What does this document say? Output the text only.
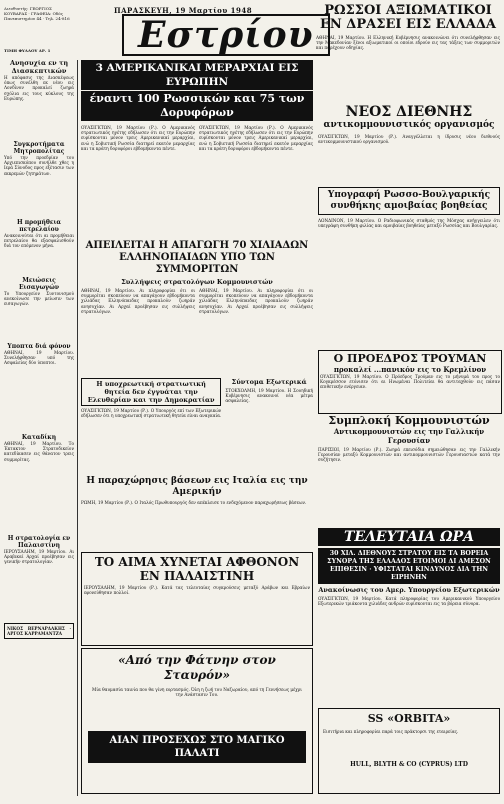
Διευθυντής: ΓΕΩΡΓΙΟΣ ΚΟΥΒΑΡΑΣ · ΓΡΑΦΕΙΑ: Οδός Πανεπιστημίου 44 · Τηλ. 24-816
ΠΑΡΑΣΚΕΥΗ, 19 Μαρτίου 1948
Εστρίου
ΤΙΜΗ ΦΥΛΛΟΥ ΔΡ. 1
ΡΩΣΣΟΙ ΑΞΙΩΜΑΤΙΚΟΙ ΕΝ ΔΡΑΣΕΙ ΕΙΣ ΕΛΛΑΔΑ
ΑΘΗΝΑΙ, 19 Μαρτίου. Η Ελληνική Κυβέρνησις ανακοινώνει ότι συνελήφθησαν εις την Μακεδονίαν ξένοι αξιωματικοί οι οποίοι εδρούν εις τας τάξεις των συμμοριτών και παρέχουν οδηγίας.
Ανησυχία εν τη Διασκεπτικών
Η απόφασις της Διασκέψεως όπως συνέλθη εκ νέου εις Λονδίνον προκαλεί ζωηρά σχόλια εις τους κύκλους της Ευρώπης.
Συγκροτήματα Μητροπολίτας
Υπό την προεδρίαν του Αρχιεπισκόπου συνήλθε χθες η Ιερά Σύνοδος προς εξέτασιν των εκκρεμών ζητημάτων.
Η προμήθεια πετρελαίου
Ανακοινούται ότι αι προμήθειαι πετρελαίου θα εξασφαλισθούν διά τον επόμενον μήνα.
Μειώσεις Εισαγωγών
Το Υπουργείον Συντονισμού ανεκοίνωσε την μείωσιν των εισαγωγών.
Υποπτα διά φόνον
ΑΘΗΝΑΙ, 19 Μαρτίου. Συνελήφθησαν υπό της Ασφαλείας δύο ύποπτοι.
Καταδίκη
ΑΘΗΝΑΙ, 19 Μαρτίου. Το Έκτακτον Στρατοδικείον κατεδίκασεν εις θάνατον τρεις συμμορίτας.
Η στρατολογία εν Παλαιστίνη
ΙΕΡΟΥΣΑΛΗΜ, 19 Μαρτίου. Αι Αραβικαί Αρχαί προέβησαν εις γενικήν στρατολογίαν.
ΝΙΚΟΣ ΒΕΡΝΑΡΔΑΚΗΣ · ΑΡΓΟΣ ΚΑΡΡΑΜΑΝΤΖΑ
3 ΑΜΕΡΙΚΑΝΙΚΑΙ ΜΕΡΑΡΧΙΑΙ ΕΙΣ ΕΥΡΩΠΗΝ
έναντι 100 Ρωσσικών και 75 των Δορυφόρων
ΟΥΑΣΙΓΚΤΩΝ, 19 Μαρτίου (Ρ.). Ο Αμερικανός στρατιωτικός ηγέτης εδήλωσεν ότι εις την Ευρώπην ευρίσκονται μόνον τρεις Αμερικανικαί μεραρχίαι, ενώ η Σοβιετική Ρωσσία διατηρεί εκατόν μεραρχίας και τα κράτη δορυφόροι εβδομήκοντα πέντε.
ΟΥΑΣΙΓΚΤΩΝ, 19 Μαρτίου (Ρ.). Ο Αμερικανός στρατιωτικός ηγέτης εδήλωσεν ότι εις την Ευρώπην ευρίσκονται μόνον τρεις Αμερικανικαί μεραρχίαι, ενώ η Σοβιετική Ρωσσία διατηρεί εκατόν μεραρχίας και τα κράτη δορυφόροι εβδομήκοντα πέντε.
ΝΕΟΣ ΔΙΕΘΝΗΣ
αντικομμουνιστικός οργανισμός
ΟΥΑΣΙΓΚΤΩΝ, 19 Μαρτίου (Ρ.). Αναγγέλλεται η ίδρυσις νέου διεθνούς αντικομμουνιστικού οργανισμού.
Υπογραφή Ρωσσο-Βουλγαρικής συνθήκης αμοιβαίας βοηθείας
ΛΟΝΔΙΝΟΝ, 19 Μαρτίου. Ο Ραδιοφωνικός σταθμός της Μόσχας ανήγγειλεν ότι υπεγράφη συνθήκη φιλίας και αμοιβαίας βοηθείας μεταξύ Ρωσσίας και Βουλγαρίας.
ΑΠΕΙΛΕΙΤΑΙ Η ΑΠΑΓΩΓΗ 70 ΧΙΛΙΑΔΩΝ
ΕΛΛΗΝΟΠΑΙΔΩΝ ΥΠΟ ΤΩΝ ΣΥΜΜΟΡΙΤΩΝ
Συλλήψεις στρατολόγων Κομμουνιστών
ΑΘΗΝΑΙ, 19 Μαρτίου. Αι πληροφορίαι ότι οι συμμορίται σκοπεύουν να απαγάγουν εβδομήκοντα χιλιάδας Ελληνόπαιδας προκαλούν ζωηράν ανησυχίαν. Αι Αρχαί προέβησαν εις συλλήψεις στρατολόγων.
ΑΘΗΝΑΙ, 19 Μαρτίου. Αι πληροφορίαι ότι οι συμμορίται σκοπεύουν να απαγάγουν εβδομήκοντα χιλιάδας Ελληνόπαιδας προκαλούν ζωηράν ανησυχίαν. Αι Αρχαί προέβησαν εις συλλήψεις στρατολόγων.
Ο ΠΡΟΕΔΡΟΣ ΤΡΟΥΜΑΝ
προκαλεί ...πανικόν εις το Κρεμλίνον
ΟΥΑΣΙΓΚΤΩΝ, 19 Μαρτίου. Ο Πρόεδρος Τρούμαν εις το μήνυμά του προς το Κογκρέσσον ετόνισεν ότι αι Ηνωμέναι Πολιτείαι θα αντιταχθούν εις πάσαν επιθετικήν ενέργειαν.
Η υποχρεωτική στρατιωτική θητεία δεν έγγυάται την Ελευθερίαν και την Δημοκρατίαν
ΟΥΑΣΙΓΚΤΩΝ, 19 Μαρτίου (Ρ.). Ο Υπουργός επί των Εξωτερικών εδήλωσεν ότι η υποχρεωτική στρατιωτική θητεία είναι αναγκαία.
Σύντομα Εξωτερικά
ΣΤΟΚΧΟΛΜΗ, 19 Μαρτίου. Η Σουηδική Κυβέρνησις ανακοινοί νέα μέτρα ασφαλείας.
Η παραχώρησις βάσεων εις Ιταλία εις την Αμερικήν
ΡΩΜΗ, 19 Μαρτίου (Ρ.). Ο Ιταλός Πρωθυπουργός δεν απέκλεισε το ενδεχόμενον παραχωρήσεως βάσεων.
Συμπλοκή Κομμουνιστών
Αντικομμουνιστών εις την Γαλλικήν Γερουσίαν
ΠΑΡΙΣΙΟΙ, 19 Μαρτίου (Ρ.). Ζωηρά επεισόδια σημειώθησαν εις την Γαλλικήν Γερουσίαν μεταξύ Κομμουνιστών και αντικομμουνιστών Γερουσιαστών κατά την συζήτησιν.
ΤΕΛΕΥΤΑΙΑ ΩΡΑ
30 ΧΙΛ. ΔΙΕΘΝΟΥΣ ΣΤΡΑΤΟΥ ΕΙΣ ΤΑ ΒΟΡΕΙΑ ΣΥΝΟΡΑ ΤΗΣ ΕΛΛΑΔΟΣ ΕΤΟΙΜΟΙ ΔΙ ΑΜΕΣΟΝ ΕΠΙΘΕΣΙΝ · ΥΦΙΣΤΑΤΑΙ ΚΙΝΔΥΝΟΣ ΔΙΑ ΤΗΝ ΕΙΡΗΝΗΝ
Ανακοίνωσις του Αμερ. Υπουργείου Εξωτερικών
ΟΥΑΣΙΓΚΤΩΝ, 19 Μαρτίου. Κατά πληροφορίας του Αμερικανικού Υπουργείου Εξωτερικών τριάκοντα χιλιάδες ανδρών ευρίσκονται εις τα βόρεια σύνορα.
ΤΟ ΑΙΜΑ ΧΥΝΕΤΑΙ ΑΦΘΟΝΟΝ ΕΝ ΠΑΛΑΙΣΤΙΝΗ
ΙΕΡΟΥΣΑΛΗΜ, 19 Μαρτίου (Ρ.). Κατά τας τελευταίας συγκρούσεις μεταξύ Αράβων και Εβραίων εφονεύθησαν πολλοί.
«Από την Φάτνην στον Σταυρόν»
Μία θαυμασία ταινία που θα γίνη εορτασμός. Όλη η ζωή του Ναζωραίου, από τη Γεννήσεως μέχρι την Ανάστασιν Του.
ΑΙΑΝ ΠΡΟΣΕΧΩΣ ΣΤΟ ΜΑΓΙΚΟ ΠΑΛΑΤΙ
SS «ORBITA»
Εισιτήρια και πληροφορίαι παρά τοις πράκτορσι της εταιρείας.
HULL, BLYTH & CO (CYPRUS) LTD
